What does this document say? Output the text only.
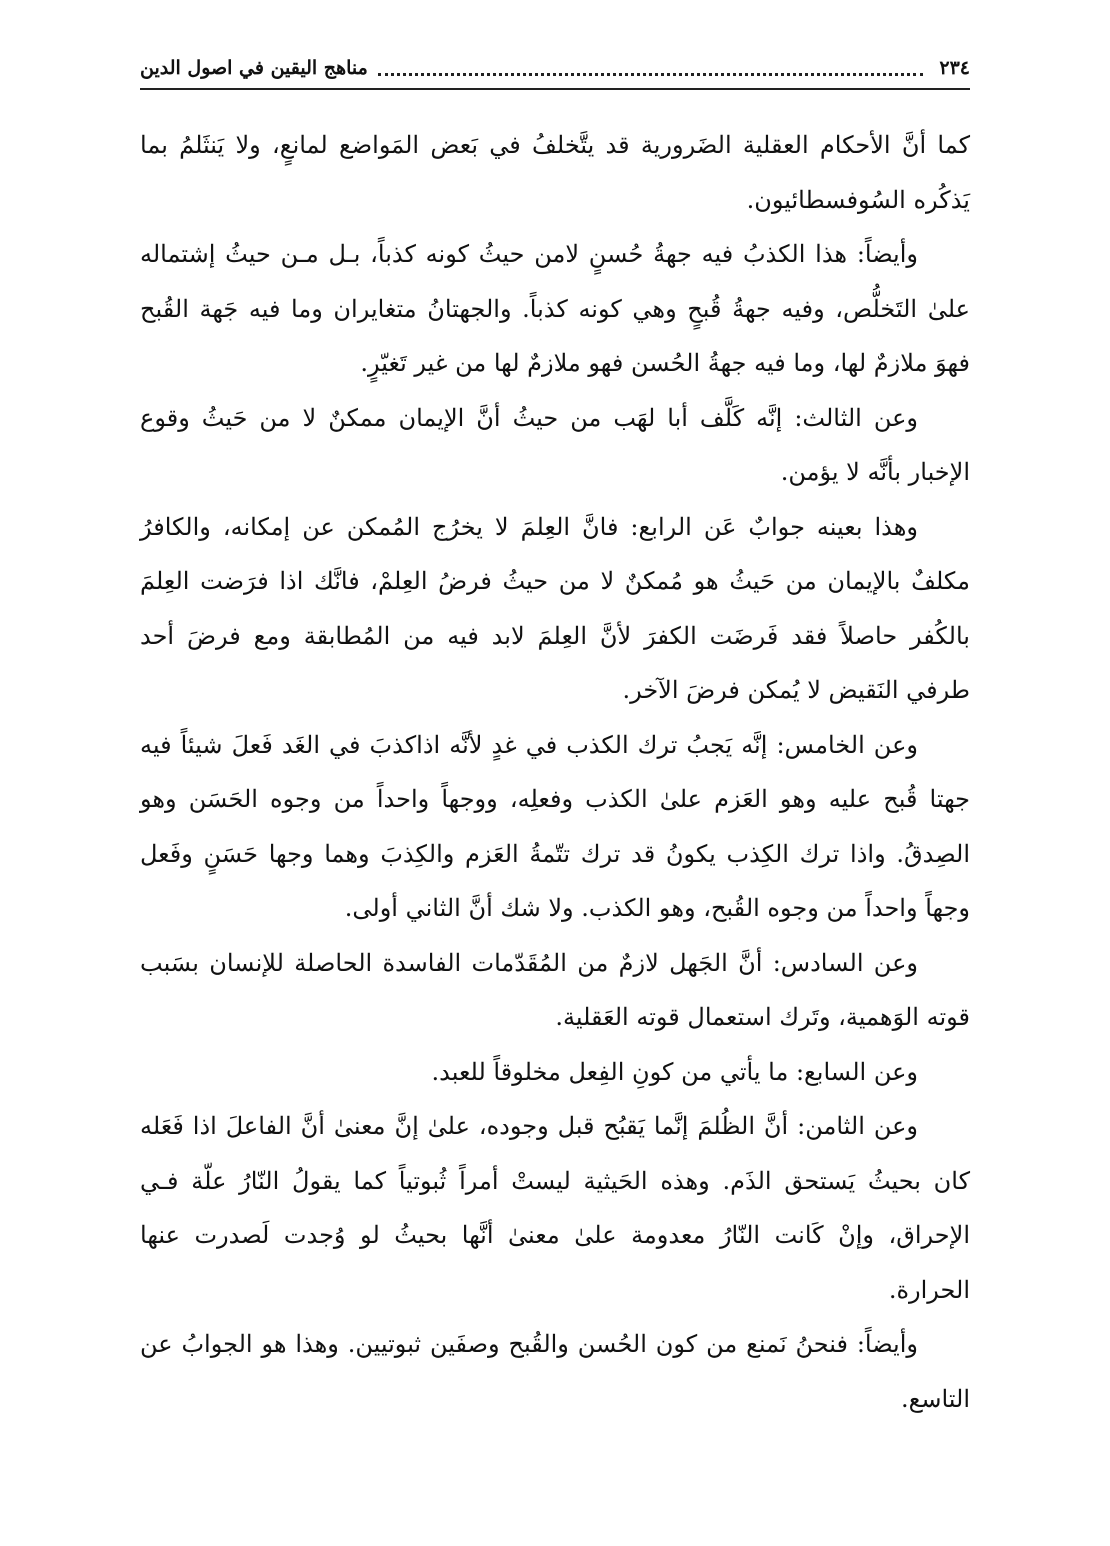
٢٣٤
مناهج اليقين في اصول الدين

كما أنَّ الأحكام العقلية الضَرورية قد يتَّخلفُ في بَعض المَواضع لمانعٍ، ولا يَنثَلمُ بما يَذكُره السُوفسطائيون.

وأيضاً: هذا الكذبُ فيه جهةُ حُسنٍ لامن حيثُ كونه كذباً، بـل مـن حيثُ إشتماله علىٰ التَخلُّص، وفيه جهةُ قُبحٍ وهي كونه كذباً. والجهتانُ متغايران وما فيه جَهة القُبح فهوَ ملازمٌ لها، وما فيه جهةُ الحُسن فهو ملازمٌ لها من غير تَغيّرٍ.

وعن الثالث: إنَّه كَلَّف أبا لهَب من حيثُ أنَّ الإيمان ممكنٌ لا من حَيثُ وقوع الإخبار بأنَّه لا يؤمن.

وهذا بعينه جوابٌ عَن الرابع: فانَّ العِلمَ لا يخرُج المُمكن عن إمكانه، والكافرُ مكلفٌ بالإيمان من حَيثُ هو مُمكنٌ لا من حيثُ فرضُ العِلمْ، فانَّك اذا فرَضت العِلمَ بالكُفر حاصلاً فقد فَرضَت الكفرَ لأنَّ العِلمَ لابد فيه من المُطابقة ومع فرضَ أحد طرفي النَقيض لا يُمكن فرضَ الآخر.

وعن الخامس: إنَّه يَجبُ ترك الكذب في غدٍ لأنَّه اذاكذبَ في الغَد فَعلَ شيئاً فيه جهتا قُبح عليه وهو العَزم علىٰ الكذب وفعلِه، ووجهاً واحداً من وجوه الحَسَن وهو الصِدقُ. واذا ترك الكِذب يكونُ قد ترك تتّمةُ العَزم والكِذبَ وهما وجها حَسَنٍ وفَعل وجهاً واحداً من وجوه القُبح، وهو الكذب. ولا شك أنَّ الثاني أولى.

وعن السادس: أنَّ الجَهل لازمٌ من المُقَدّمات الفاسدة الحاصلة للإنسان بسَبب قوته الوَهمية، وتَرك استعمال قوته العَقلية.

وعن السابع: ما يأتي من كونِ الفِعل مخلوقاً للعبد.

وعن الثامن: أنَّ الظُلمَ إنَّما يَقبُح قبل وجوده، علىٰ إنَّ معنىٰ أنَّ الفاعلَ اذا فَعَله كان بحيثُ يَستحق الذَم. وهذه الحَيثية ليستْ أمراً ثُبوتياً كما يقولُ النّارُ علّة فـي الإحراق، وإنْ كَانت النّارُ معدومة علىٰ معنىٰ أنَّها بحيثُ لو وُجدت لَصدرت عنها الحرارة.

وأيضاً: فنحنُ نَمنع من كون الحُسن والقُبح وصفَين ثبوتيين. وهذا هو الجوابُ عن التاسع.
